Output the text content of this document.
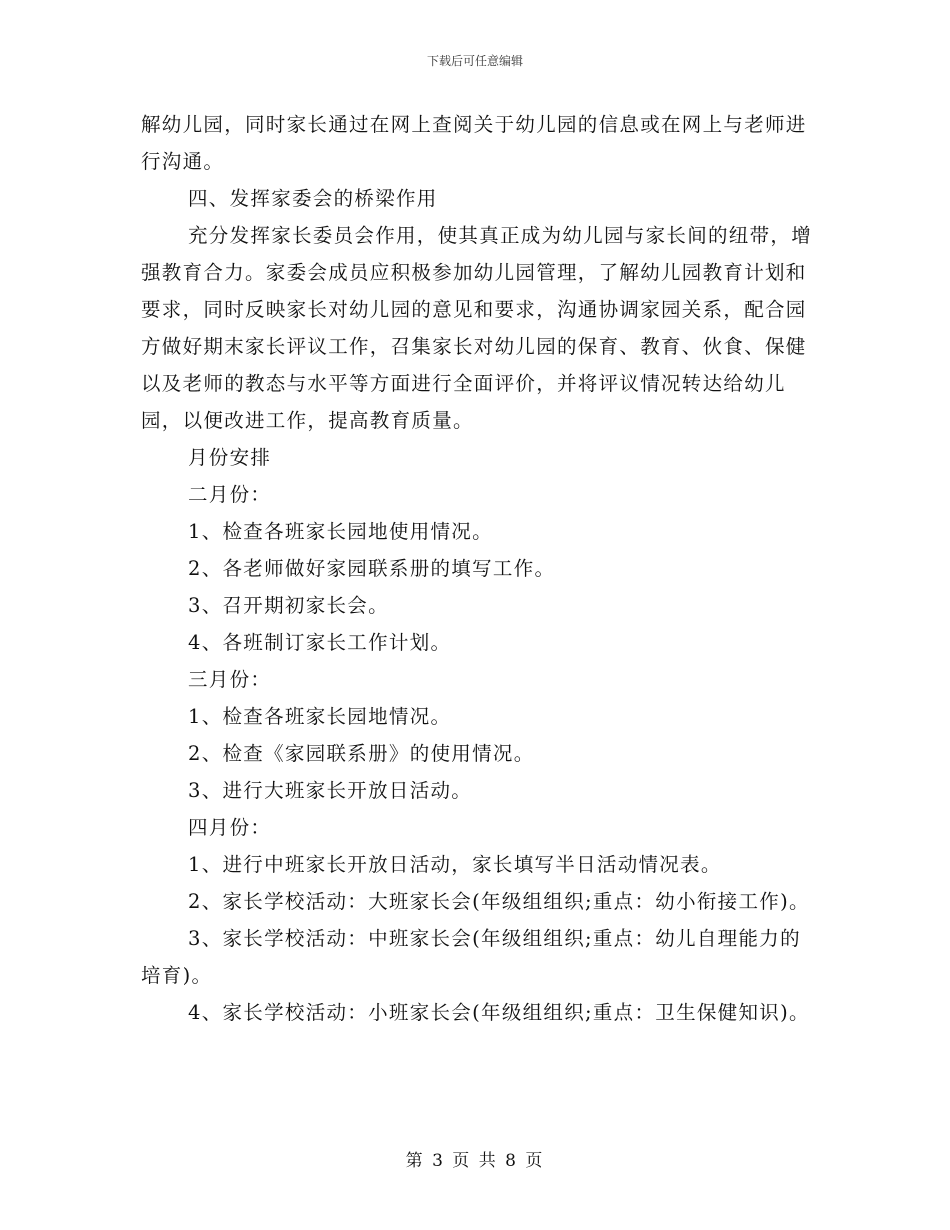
下载后可任意编辑

解幼儿园，同时家长通过在网上查阅关于幼儿园的信息或在网上与老师进行沟通。

四、发挥家委会的桥梁作用

充分发挥家长委员会作用，使其真正成为幼儿园与家长间的纽带，增强教育合力。家委会成员应积极参加幼儿园管理，了解幼儿园教育计划和要求，同时反映家长对幼儿园的意见和要求，沟通协调家园关系，配合园方做好期末家长评议工作，召集家长对幼儿园的保育、教育、伙食、保健以及老师的教态与水平等方面进行全面评价，并将评议情况转达给幼儿园，以便改进工作，提高教育质量。

月份安排

二月份：

1、检查各班家长园地使用情况。

2、各老师做好家园联系册的填写工作。

3、召开期初家长会。

4、各班制订家长工作计划。

三月份：

1、检查各班家长园地情况。

2、检查《家园联系册》的使用情况。

3、进行大班家长开放日活动。

四月份：

1、进行中班家长开放日活动，家长填写半日活动情况表。

2、家长学校活动：大班家长会(年级组组织;重点：幼小衔接工作)。

3、家长学校活动：中班家长会(年级组组织;重点：幼儿自理能力的培育)。

4、家长学校活动：小班家长会(年级组组织;重点：卫生保健知识)。

第 3 页 共 8 页
